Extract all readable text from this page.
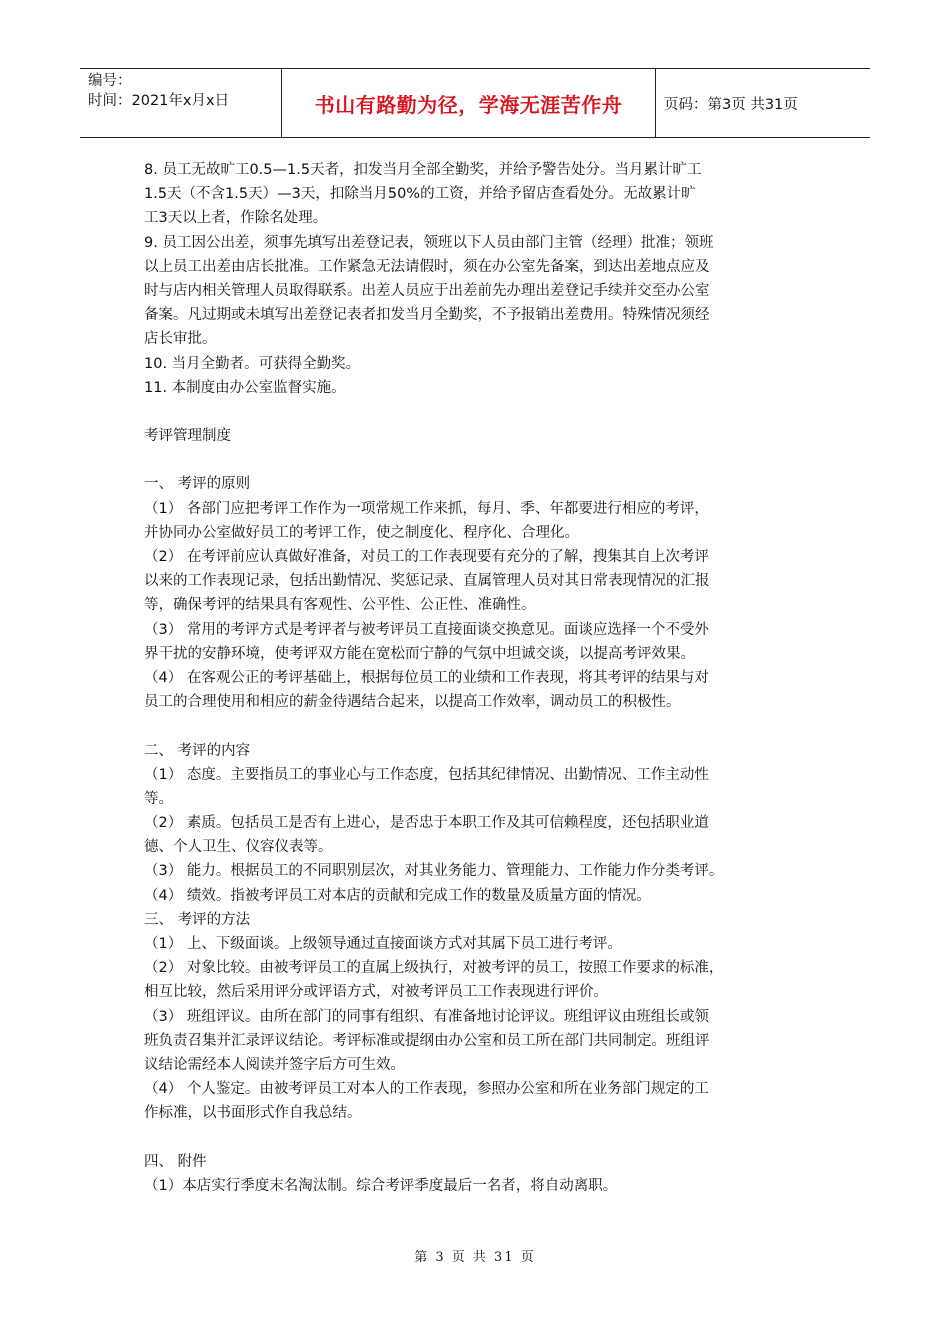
编号：
时间：2021年x月x日	书山有路勤为径，学海无涯苦作舟	页码：第3页 共31页
8. 员工无故旷工0.5—1.5天者，扣发当月全部全勤奖，并给予警告处分。当月累计旷工
1.5天（不含1.5天）—3天，扣除当月50%的工资，并给予留店查看处分。无故累计旷
工3天以上者，作除名处理。
9. 员工因公出差，须事先填写出差登记表，领班以下人员由部门主管（经理）批准；领班
以上员工出差由店长批准。工作紧急无法请假时，须在办公室先备案，到达出差地点应及
时与店内相关管理人员取得联系。出差人员应于出差前先办理出差登记手续并交至办公室
备案。凡过期或未填写出差登记表者扣发当月全勤奖，不予报销出差费用。特殊情况须经
店长审批。
10. 当月全勤者。可获得全勤奖。
11. 本制度由办公室监督实施。
考评管理制度
一、 考评的原则
（1） 各部门应把考评工作作为一项常规工作来抓，每月、季、年都要进行相应的考评，
并协同办公室做好员工的考评工作，使之制度化、程序化、合理化。
（2） 在考评前应认真做好准备，对员工的工作表现要有充分的了解，搜集其自上次考评
以来的工作表现记录，包括出勤情况、奖惩记录、直属管理人员对其日常表现情况的汇报
等，确保考评的结果具有客观性、公平性、公正性、准确性。
（3） 常用的考评方式是考评者与被考评员工直接面谈交换意见。面谈应选择一个不受外
界干扰的安静环境，使考评双方能在宽松而宁静的气氛中坦诚交谈，以提高考评效果。
（4） 在客观公正的考评基础上，根据每位员工的业绩和工作表现，将其考评的结果与对
员工的合理使用和相应的薪金待遇结合起来，以提高工作效率，调动员工的积极性。
二、 考评的内容
（1） 态度。主要指员工的事业心与工作态度，包括其纪律情况、出勤情况、工作主动性
等。
（2） 素质。包括员工是否有上进心，是否忠于本职工作及其可信赖程度，还包括职业道
德、个人卫生、仪容仪表等。
（3） 能力。根据员工的不同职别层次，对其业务能力、管理能力、工作能力作分类考评。
（4） 绩效。指被考评员工对本店的贡献和完成工作的数量及质量方面的情况。
三、 考评的方法
（1） 上、下级面谈。上级领导通过直接面谈方式对其属下员工进行考评。
（2） 对象比较。由被考评员工的直属上级执行，对被考评的员工，按照工作要求的标准，
相互比较，然后采用评分或评语方式，对被考评员工工作表现进行评价。
（3） 班组评议。由所在部门的同事有组织、有准备地讨论评议。班组评议由班组长或领
班负责召集并汇录评议结论。考评标准或提纲由办公室和员工所在部门共同制定。班组评
议结论需经本人阅读并签字后方可生效。
（4） 个人鉴定。由被考评员工对本人的工作表现，参照办公室和所在业务部门规定的工
作标准，以书面形式作自我总结。
四、 附件
（1）本店实行季度末名淘汰制。综合考评季度最后一名者，将自动离职。
第 3 页 共 31 页
